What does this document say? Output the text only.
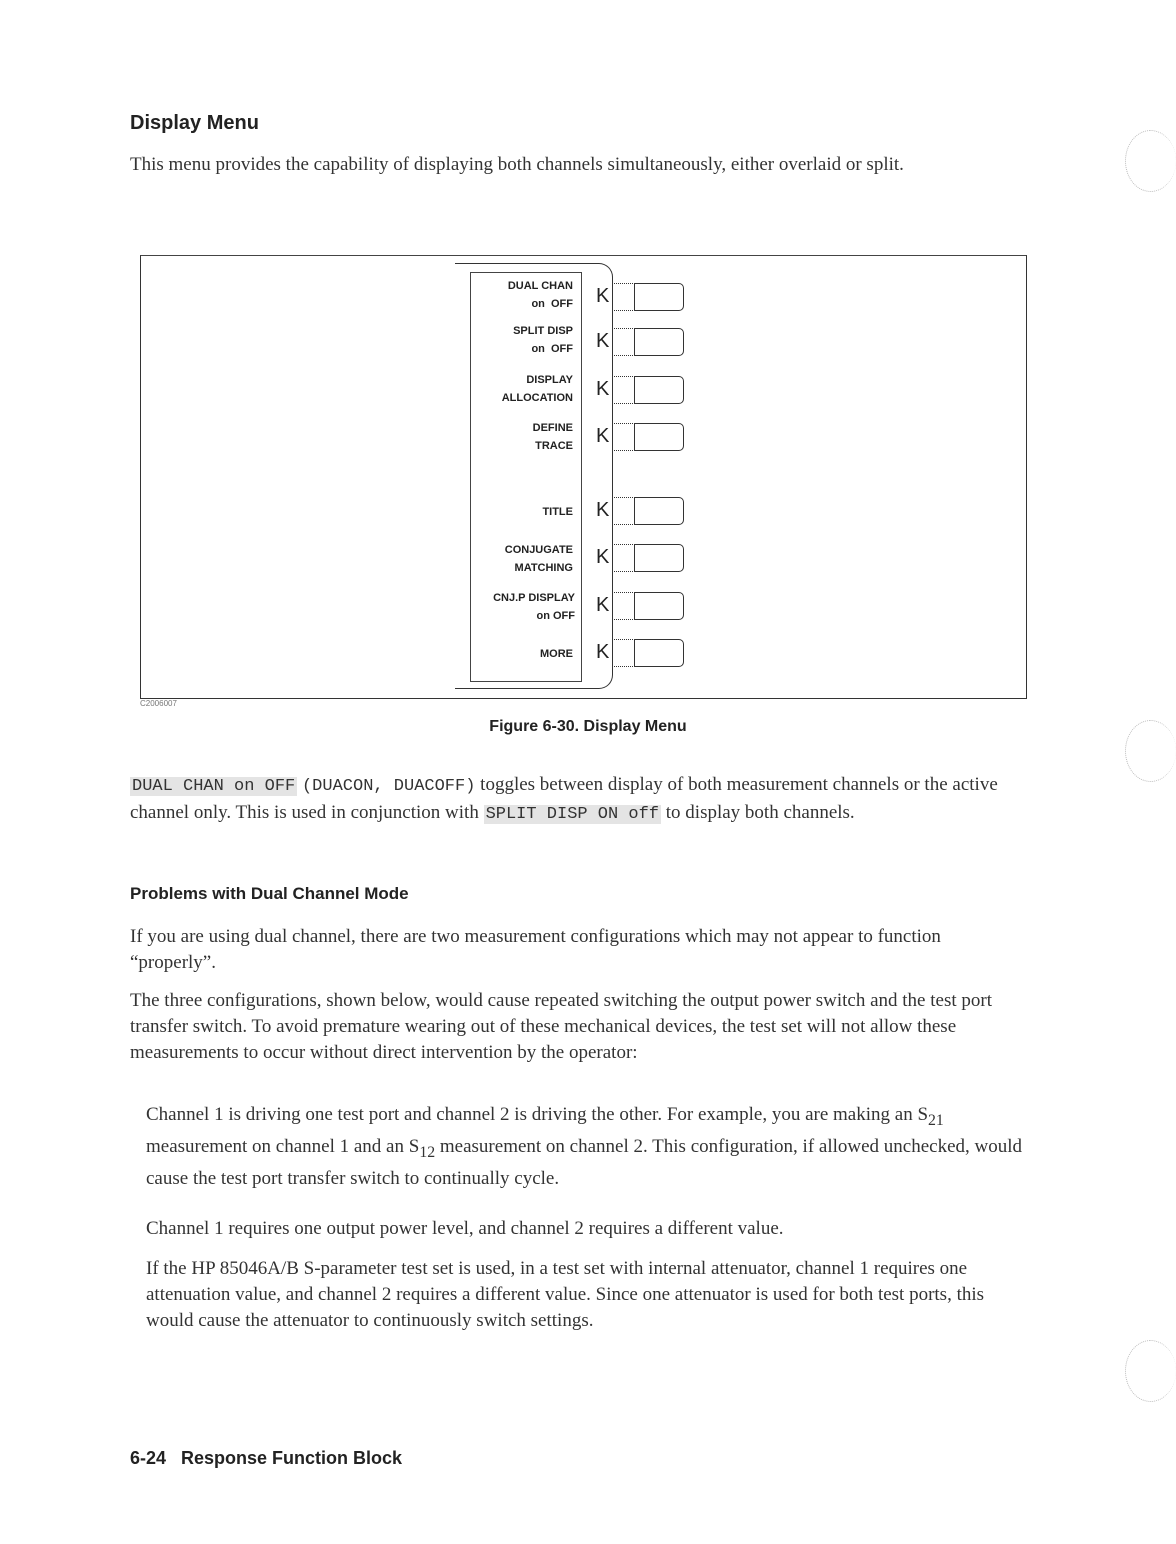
Display Menu

This menu provides the capability of displaying both channels simultaneously, either overlaid or split.

DUAL CHAN
on  OFF
SPLIT DISP
on  OFF
DISPLAY
ALLOCATION
DEFINE
TRACE
TITLE
CONJUGATE
MATCHING
CNJ.P DISPLAY
on OFF
MORE
K
K
K
K
K
K
K
K
C2006007
Figure 6-30. Display Menu

DUAL CHAN on OFF (DUACON, DUACOFF) toggles between display of both measurement channels or the active channel only. This is used in conjunction with SPLIT DISP ON off to display both channels.

Problems with Dual Channel Mode

If you are using dual channel, there are two measurement configurations which may not appear to function “properly”.

The three configurations, shown below, would cause repeated switching the output power switch and the test port transfer switch. To avoid premature wearing out of these mechanical devices, the test set will not allow these measurements to occur without direct intervention by the operator:

Channel 1 is driving one test port and channel 2 is driving the other. For example, you are making an $S_{21}$ measurement on channel 1 and an $S_{12}$ measurement on channel 2. This configuration, if allowed unchecked, would cause the test port transfer switch to continually cycle.

Channel 1 requires one output power level, and channel 2 requires a different value.

If the HP 85046A/B S-parameter test set is used, in a test set with internal attenuator, channel 1 requires one attenuation value, and channel 2 requires a different value. Since one attenuator is used for both test ports, this would cause the attenuator to continuously switch settings.

6-24   Response Function Block
